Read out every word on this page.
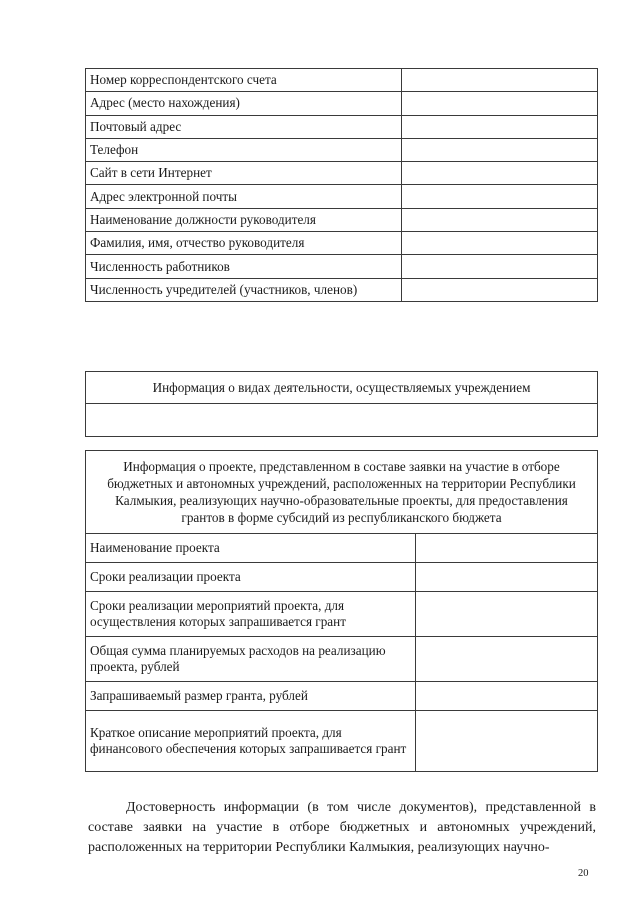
Номер корреспондентского счета	
Адрес (место нахождения)	
Почтовый адрес	
Телефон	
Сайт в сети Интернет	
Адрес электронной почты	
Наименование должности руководителя	
Фамилия, имя, отчество руководителя	
Численность работников	
Численность учредителей (участников, членов)	
Информация о видах деятельности, осуществляемых учреждением

Информация о проекте, представленном в составе заявки на участие в отборе бюджетных и автономных учреждений, расположенных на территории Республики Калмыкия, реализующих научно-образовательные проекты, для предоставления грантов в форме субсидий из республиканского бюджета	
Наименование проекта	
Сроки реализации проекта	
Сроки реализации мероприятий проекта, для осуществления которых запрашивается грант	
Общая сумма планируемых расходов на реализацию проекта, рублей	
Запрашиваемый размер гранта, рублей	
Краткое описание мероприятий проекта, для финансового обеспечения которых запрашивается грант	

Достоверность информации (в том числе документов), представленной в составе заявки на участие в отборе бюджетных и автономных учреждений, расположенных на территории Республики Калмыкия, реализующих научно-

20
